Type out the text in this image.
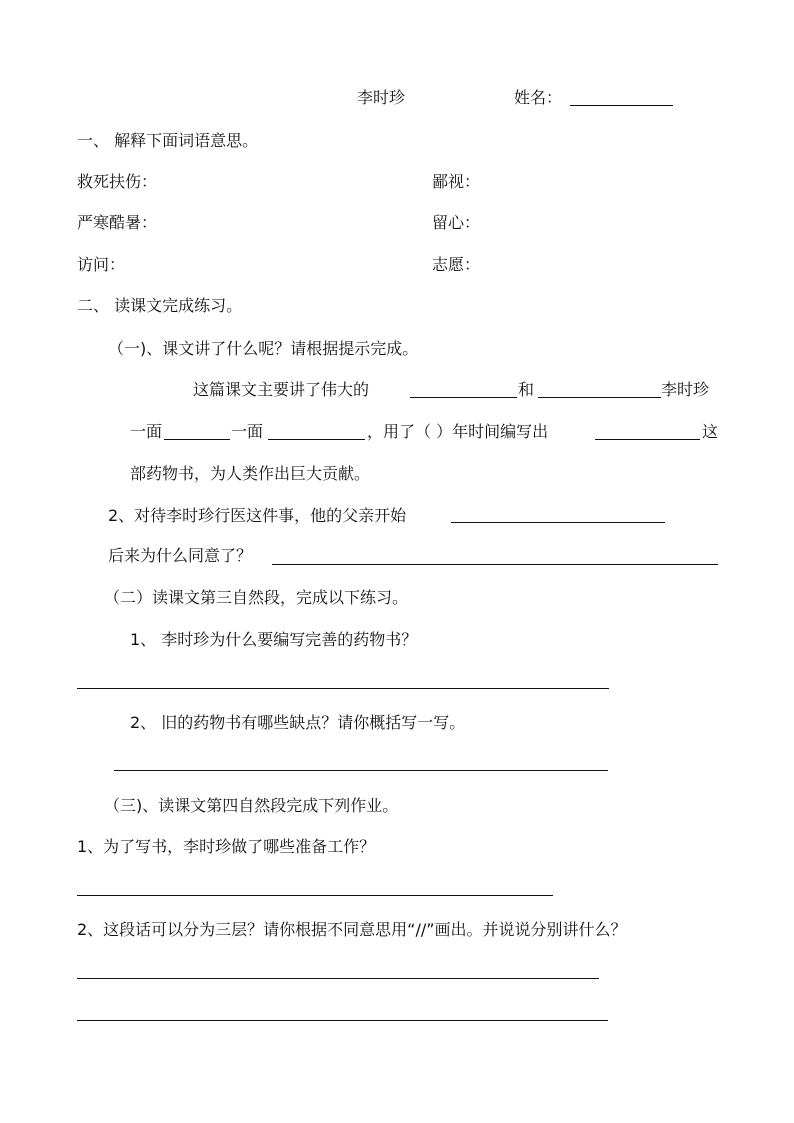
李时珍	姓名：
一、 解释下面词语意思。
救死扶伤：	鄙视：
严寒酷暑：	留心：
访问：	志愿：
二、 读课文完成练习。
（一)、课文讲了什么呢？请根据提示完成。
这篇课文主要讲了伟大的	和	李时珍
一面	一面	，用了（ ）年时间编写出	这
部药物书，为人类作出巨大贡献。
2、对待李时珍行医这件事，他的父亲开始
后来为什么同意了？
（二）读课文第三自然段，完成以下练习。
1、 李时珍为什么要编写完善的药物书？
2、 旧的药物书有哪些缺点？请你概括写一写。
（三)、读课文第四自然段完成下列作业。
1、为了写书，李时珍做了哪些准备工作？
2、这段话可以分为三层？请你根据不同意思用“//”画出。并说说分别讲什么？
